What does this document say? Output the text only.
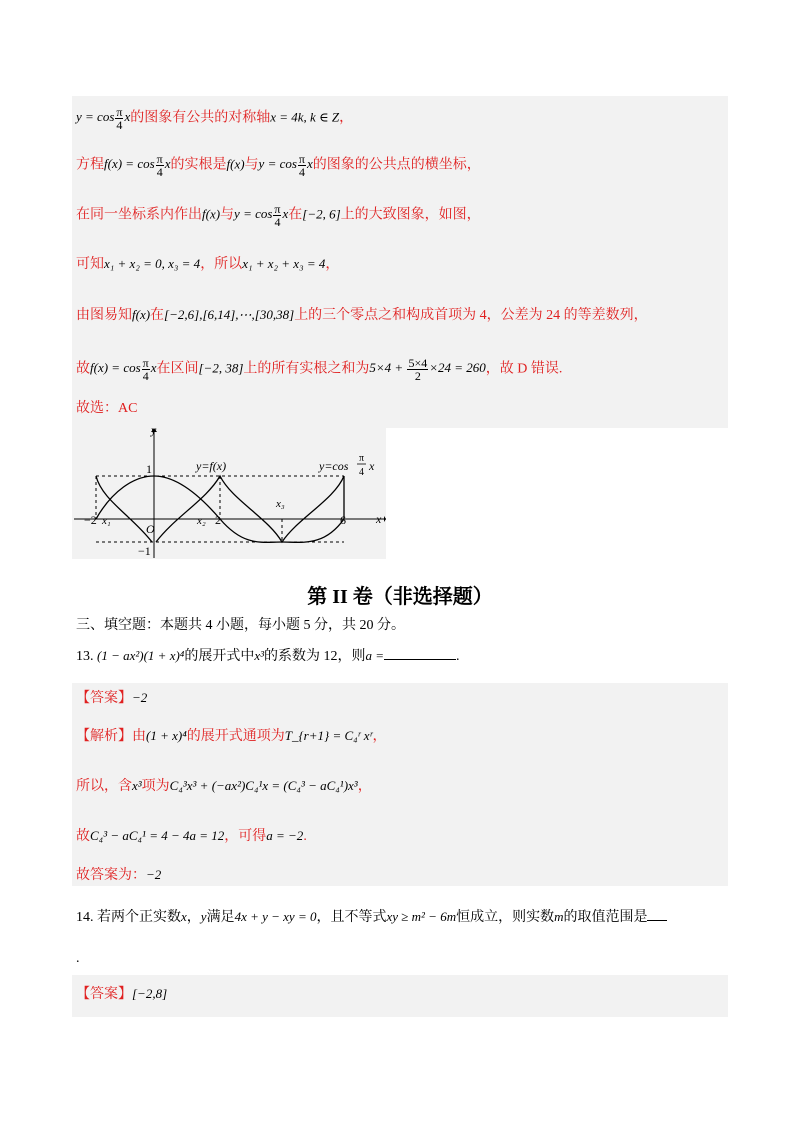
$y = \cos \frac{\pi}{4}$ x的图象有公共的对称轴x = 4k, k ∈ Z，
方程$f(x) = \cos \frac{\pi}{4}$ x的实根是f(x)与$y = \cos \frac{\pi}{4}$ x的图象的公共点的横坐标，
在同一坐标系内作出f(x)与$y = \cos \frac{\pi}{4}$ x在[−2, 6]上的大致图象，如图，
可知x₁ + x₂ = 0, x₃ = 4，所以x₁ + x₂ + x₃ = 4，
由图易知f(x)在[−2,6],[6,14],⋯,[30,38]上的三个零点之和构成首项为 4，公差为 24 的等差数列，
故$f(x) = \cos \frac{\pi}{4}$ x在区间[−2, 38]上的所有实根之和为$5\times 4 + \frac{5\times 4}{2} \times 24 = 260$，故 D 错误.
故选：AC
y
x
1
−1
O
−2	2	6
x₁	x₂
x₃
y=f(x)	y=cos
π
4 x
第 II 卷（非选择题）
三、填空题：本题共 4 小题，每小题 5 分，共 20 分。
13. (1 − ax²)(1 + x)⁴的展开式中x³的系数为 12，则a =	.
【答案】−2
【解析】由(1 + x)⁴的展开式通项为T_{r+1} = C₄ʳ xʳ，
所以，含x³项为C₄³x³ + (−ax²)C₄¹x = (C₄³ − aC₄¹)x³，
故C₄³ − aC₄¹ = 4 − 4a = 12，可得a = −2.
故答案为：−2
14. 若两个正实数x，y满足4x + y − xy = 0，且不等式xy ≥ m² − 6m恒成立，则实数m的取值范围是
.
【答案】[−2,8]
